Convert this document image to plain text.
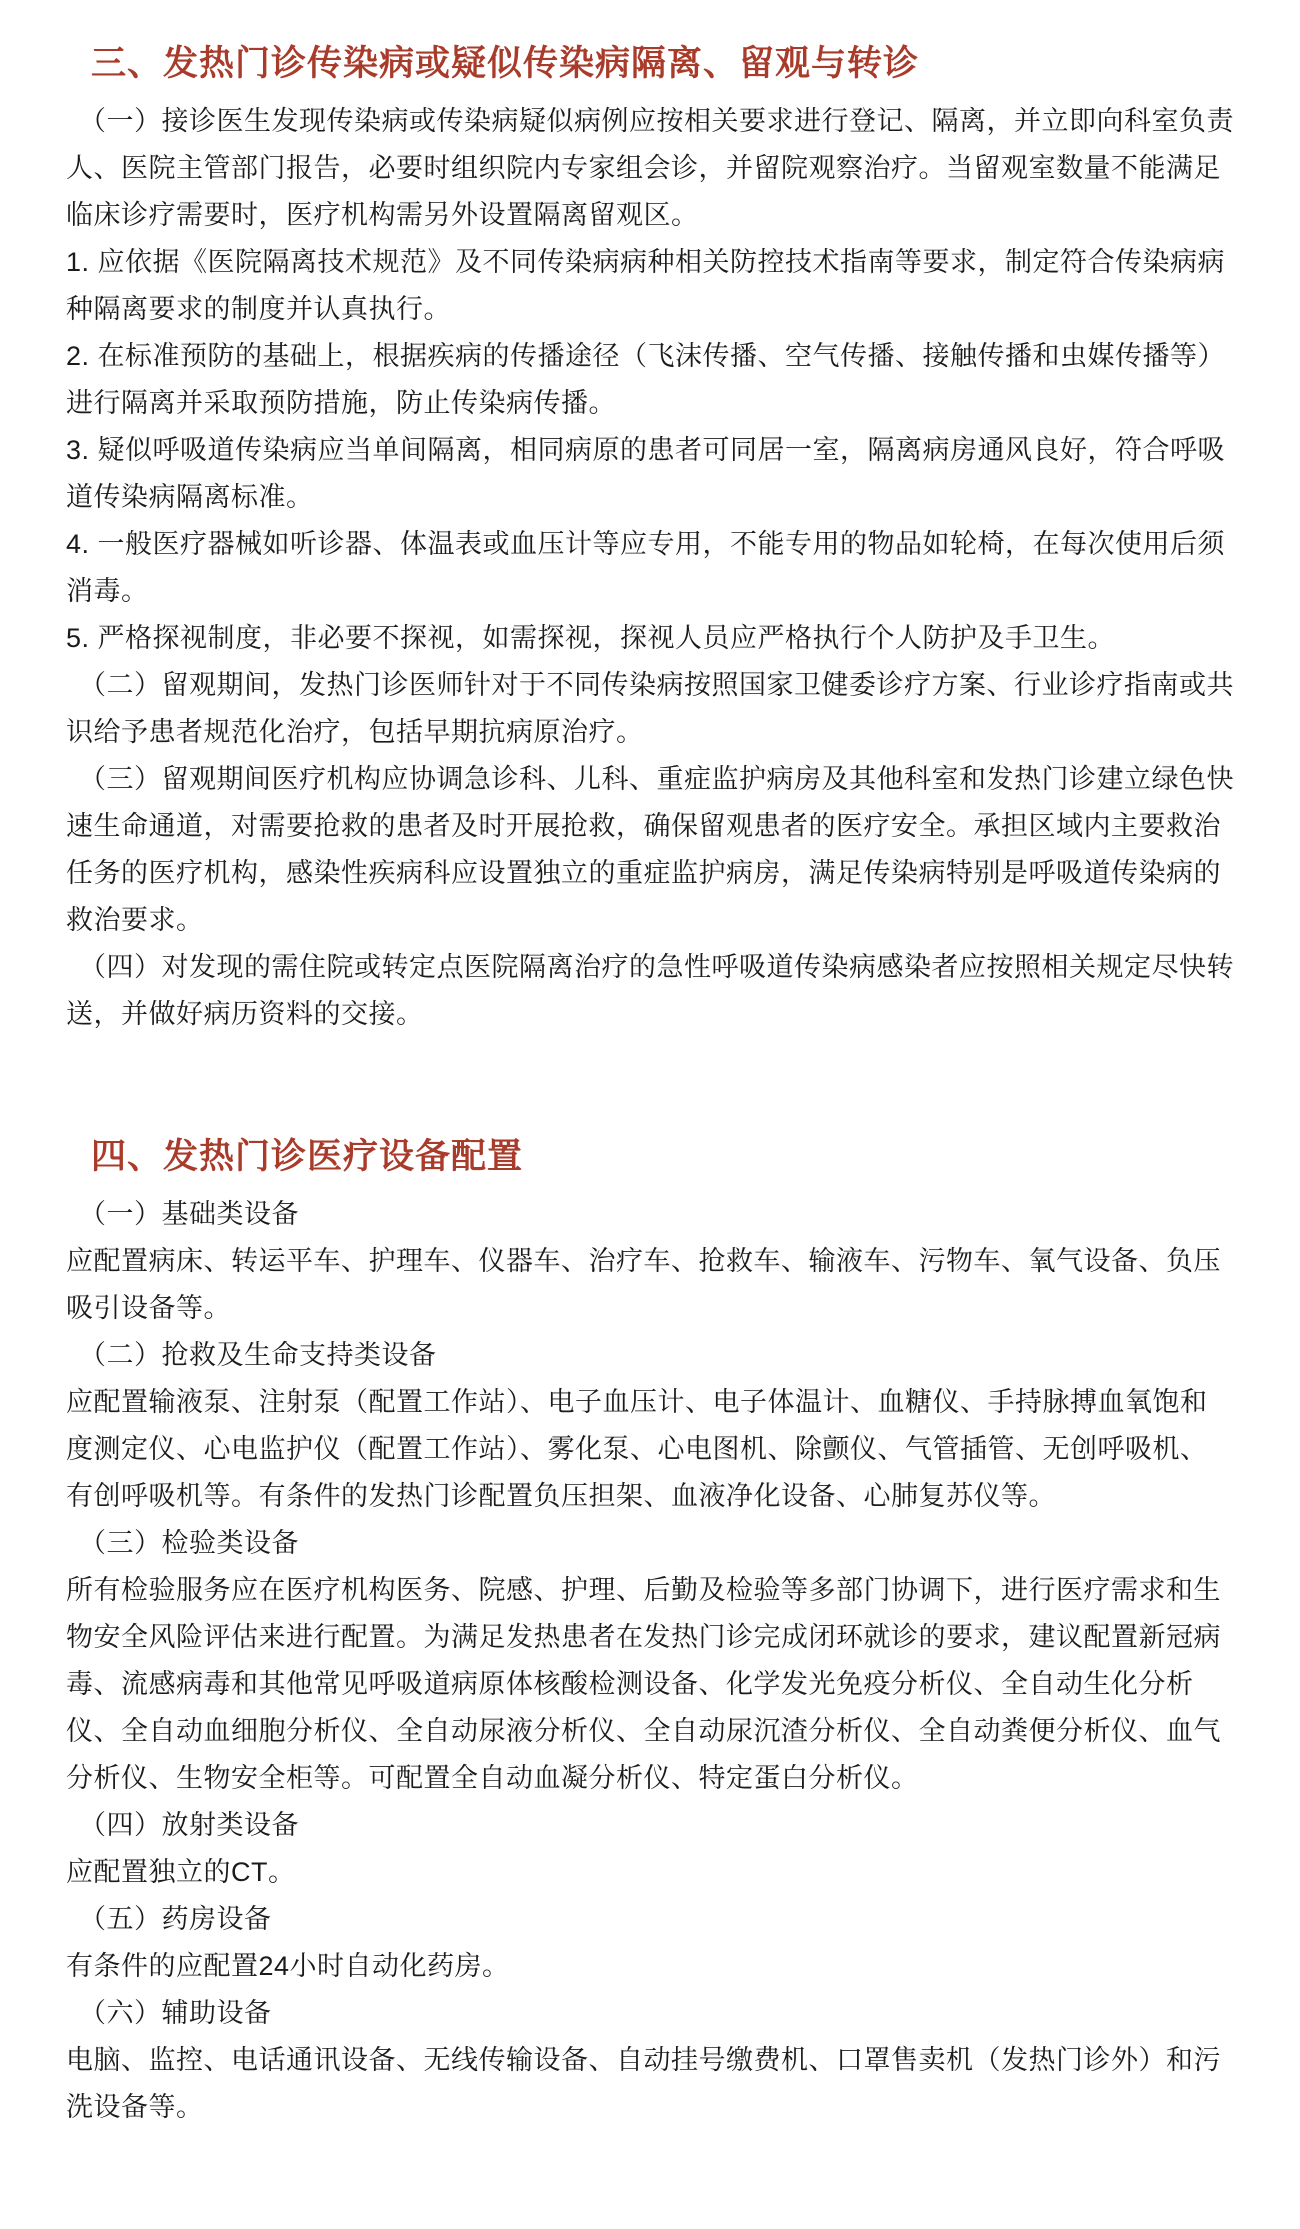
三、发热门诊传染病或疑似传染病隔离、留观与转诊

（一）接诊医生发现传染病或传染病疑似病例应按相关要求进行登记、隔离，并立即向科室负责人、医院主管部门报告，必要时组织院内专家组会诊，并留院观察治疗。当留观室数量不能满足临床诊疗需要时，医疗机构需另外设置隔离留观区。

1. 应依据《医院隔离技术规范》及不同传染病病种相关防控技术指南等要求，制定符合传染病病种隔离要求的制度并认真执行。

2. 在标准预防的基础上，根据疾病的传播途径（飞沫传播、空气传播、接触传播和虫媒传播等）进行隔离并采取预防措施，防止传染病传播。

3. 疑似呼吸道传染病应当单间隔离，相同病原的患者可同居一室，隔离病房通风良好，符合呼吸道传染病隔离标准。

4. 一般医疗器械如听诊器、体温表或血压计等应专用，不能专用的物品如轮椅，在每次使用后须消毒。

5. 严格探视制度，非必要不探视，如需探视，探视人员应严格执行个人防护及手卫生。

（二）留观期间，发热门诊医师针对于不同传染病按照国家卫健委诊疗方案、行业诊疗指南或共识给予患者规范化治疗，包括早期抗病原治疗。

（三）留观期间医疗机构应协调急诊科、儿科、重症监护病房及其他科室和发热门诊建立绿色快速生命通道，对需要抢救的患者及时开展抢救，确保留观患者的医疗安全。承担区域内主要救治任务的医疗机构，感染性疾病科应设置独立的重症监护病房，满足传染病特别是呼吸道传染病的救治要求。

（四）对发现的需住院或转定点医院隔离治疗的急性呼吸道传染病感染者应按照相关规定尽快转送，并做好病历资料的交接。

四、发热门诊医疗设备配置

（一）基础类设备

应配置病床、转运平车、护理车、仪器车、治疗车、抢救车、输液车、污物车、氧气设备、负压吸引设备等。

（二）抢救及生命支持类设备

应配置输液泵、注射泵（配置工作站）、电子血压计、电子体温计、血糖仪、手持脉搏血氧饱和度测定仪、心电监护仪（配置工作站）、雾化泵、心电图机、除颤仪、气管插管、无创呼吸机、有创呼吸机等。有条件的发热门诊配置负压担架、血液净化设备、心肺复苏仪等。

（三）检验类设备

所有检验服务应在医疗机构医务、院感、护理、后勤及检验等多部门协调下，进行医疗需求和生物安全风险评估来进行配置。为满足发热患者在发热门诊完成闭环就诊的要求，建议配置新冠病毒、流感病毒和其他常见呼吸道病原体核酸检测设备、化学发光免疫分析仪、全自动生化分析仪、全自动血细胞分析仪、全自动尿液分析仪、全自动尿沉渣分析仪、全自动粪便分析仪、血气分析仪、生物安全柜等。可配置全自动血凝分析仪、特定蛋白分析仪。

（四）放射类设备

应配置独立的CT。

（五）药房设备

有条件的应配置24小时自动化药房。

（六）辅助设备

电脑、监控、电话通讯设备、无线传输设备、自动挂号缴费机、口罩售卖机（发热门诊外）和污洗设备等。
